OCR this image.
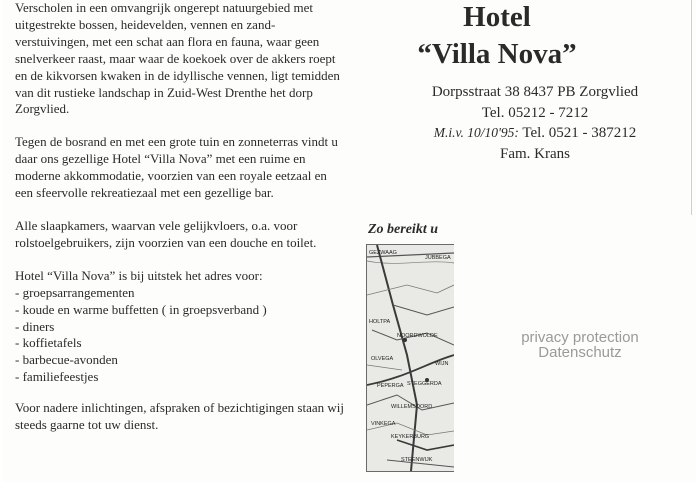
Verscholen in een omvangrijk ongerept natuurgebied met uitgestrekte bossen, heidevelden, vennen en zand-verstuivingen, met een schat aan flora en fauna, waar geen snelverkeer raast, maar waar de koekoek over de akkers roept en de kikvorsen kwaken in de idyllische vennen, ligt temidden van dit rustieke landschap in Zuid-West Drenthe het dorp Zorgvlied.

Tegen de bosrand en met een grote tuin en zonneterras vindt u daar ons gezellige Hotel “Villa Nova” met een ruime en moderne akkommodatie, voorzien van een royale eetzaal en een sfeervolle rekreatiezaal met een gezellige bar.

Alle slaapkamers, waarvan vele gelijkvloers, o.a. voor rolstoelgebruikers, zijn voorzien van een douche en toilet.

Hotel “Villa Nova” is bij uitstek het adres voor:

- groepsarrangementen
- koude en warme buffetten ( in groepsverband )
- diners
- koffietafels
- barbecue-avonden
- familiefeestjes

Voor nadere inlichtingen, afspraken of bezichtigingen staan wij steeds gaarne tot uw dienst.

Hotel
“Villa Nova”
Dorpsstraat 38 8437 PB Zorgvlied
Tel. 05212 - 7212
M.i.v. 10/10'95: Tel. 0521 - 387212
Fam. Krans
Zo bereikt u
GEZWAAG
JUBBEGA
HOLTPA
NOORDWOLDE
WIJN
OLVEGA
STEGGERDA
PEPERGA
WILLEMSOORD
VINKEGA
KEYKERBURG
STEENWIJK
privacy protection
Datenschutz
